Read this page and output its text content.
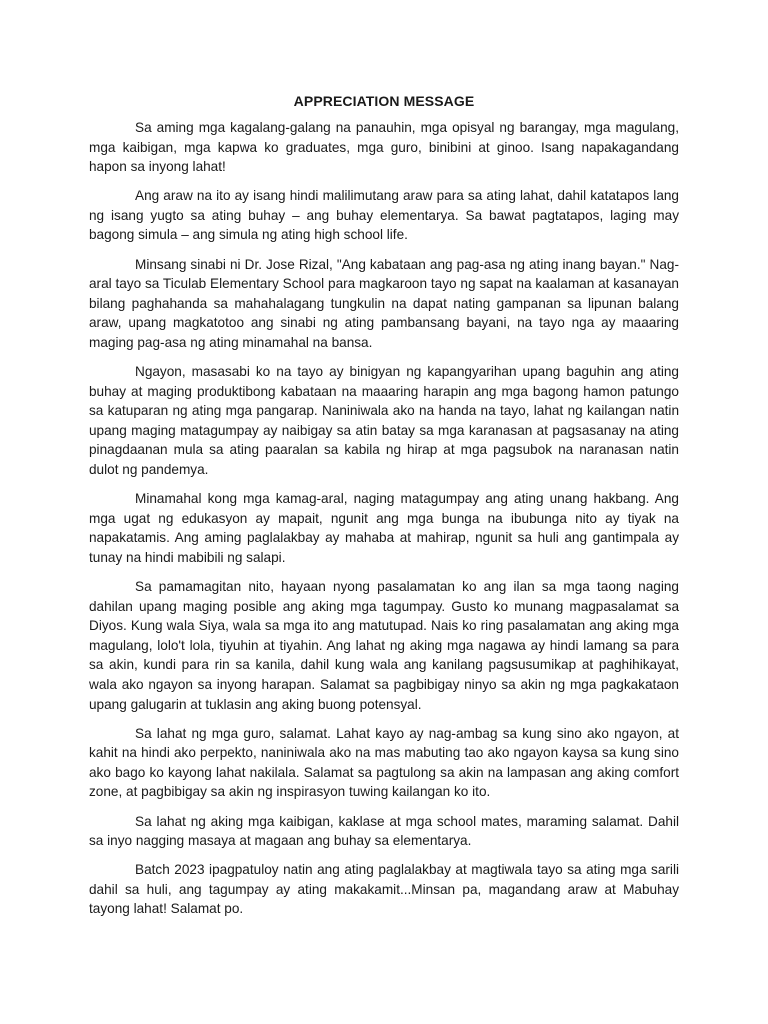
APPRECIATION MESSAGE

Sa aming mga kagalang-galang na panauhin, mga opisyal ng barangay, mga magulang, mga kaibigan, mga kapwa ko graduates, mga guro, binibini at ginoo. Isang napakagandang hapon sa inyong lahat!

Ang araw na ito ay isang hindi malilimutang araw para sa ating lahat, dahil katatapos lang ng isang yugto sa ating buhay – ang buhay elementarya. Sa bawat pagtatapos, laging may bagong simula – ang simula ng ating high school life.

Minsang sinabi ni Dr. Jose Rizal, "Ang kabataan ang pag-asa ng ating inang bayan." Nag-aral tayo sa Ticulab Elementary School para magkaroon tayo ng sapat na kaalaman at kasanayan bilang paghahanda sa mahahalagang tungkulin na dapat nating gampanan sa lipunan balang araw, upang magkatotoo ang sinabi ng ating pambansang bayani, na tayo nga ay maaaring maging pag-asa ng ating minamahal na bansa.

Ngayon, masasabi ko na tayo ay binigyan ng kapangyarihan upang baguhin ang ating buhay at maging produktibong kabataan na maaaring harapin ang mga bagong hamon patungo sa katuparan ng ating mga pangarap. Naniniwala ako na handa na tayo, lahat ng kailangan natin upang maging matagumpay ay naibigay sa atin batay sa mga karanasan at pagsasanay na ating pinagdaanan mula sa ating paaralan sa kabila ng hirap at mga pagsubok na naranasan natin dulot ng pandemya.

Minamahal kong mga kamag-aral, naging matagumpay ang ating unang hakbang. Ang mga ugat ng edukasyon ay mapait, ngunit ang mga bunga na ibubunga nito ay tiyak na napakatamis. Ang aming paglalakbay ay mahaba at mahirap, ngunit sa huli ang gantimpala ay tunay na hindi mabibili ng salapi.

Sa pamamagitan nito, hayaan nyong pasalamatan ko ang ilan sa mga taong naging dahilan upang maging posible ang aking mga tagumpay. Gusto ko munang magpasalamat sa Diyos. Kung wala Siya, wala sa mga ito ang matutupad. Nais ko ring pasalamatan ang aking mga magulang, lolo't lola, tiyuhin at tiyahin. Ang lahat ng aking mga nagawa ay hindi lamang sa para sa akin, kundi para rin sa kanila, dahil kung wala ang kanilang pagsusumikap at paghihikayat, wala ako ngayon sa inyong harapan. Salamat sa pagbibigay ninyo sa akin ng mga pagkakataon upang galugarin at tuklasin ang aking buong potensyal.

Sa lahat ng mga guro, salamat. Lahat kayo ay nag-ambag sa kung sino ako ngayon, at kahit na hindi ako perpekto, naniniwala ako na mas mabuting tao ako ngayon kaysa sa kung sino ako bago ko kayong lahat nakilala. Salamat sa pagtulong sa akin na lampasan ang aking comfort zone, at pagbibigay sa akin ng inspirasyon tuwing kailangan ko ito.

Sa lahat ng aking mga kaibigan, kaklase at mga school mates, maraming salamat. Dahil sa inyo nagging masaya at magaan ang buhay sa elementarya.

Batch 2023 ipagpatuloy natin ang ating paglalakbay at magtiwala tayo sa ating mga sarili dahil sa huli, ang tagumpay ay ating makakamit...Minsan pa, magandang araw at Mabuhay tayong lahat! Salamat po.
